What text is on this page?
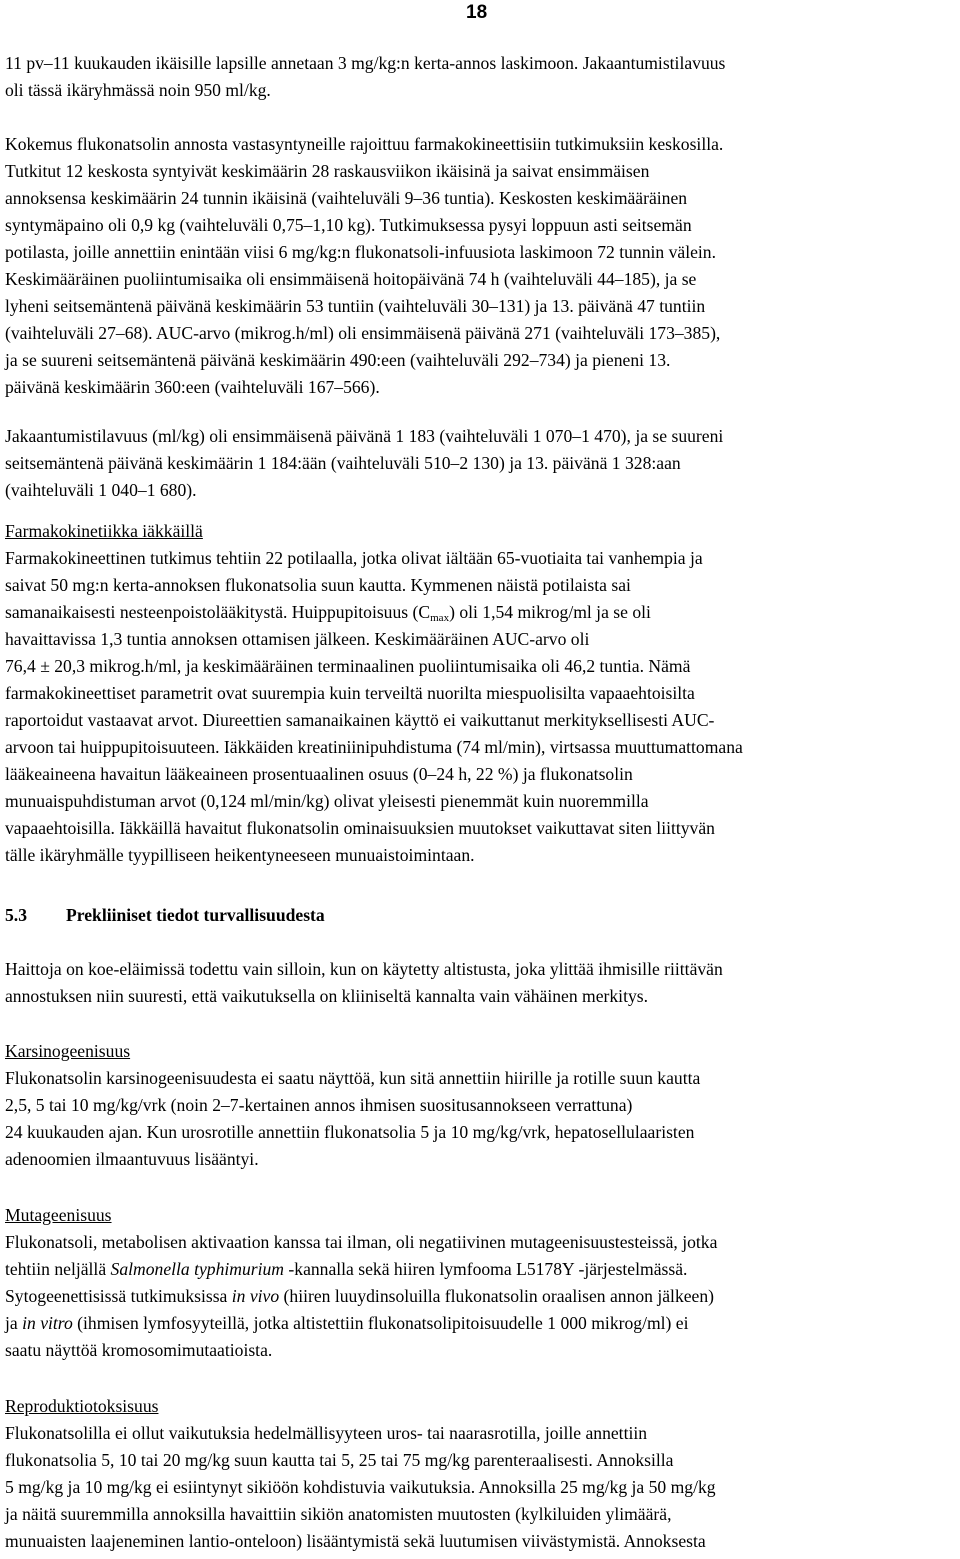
18
11 pv–11 kuukauden ikäisille lapsille annetaan 3 mg/kg:n kerta-annos laskimoon. Jakaantumistilavuus
oli tässä ikäryhmässä noin 950 ml/kg.
Kokemus flukonatsolin annosta vastasyntyneille rajoittuu farmakokineettisiin tutkimuksiin keskosilla.
Tutkitut 12 keskosta syntyivät keskimäärin 28 raskausviikon ikäisinä ja saivat ensimmäisen
annoksensa keskimäärin 24 tunnin ikäisinä (vaihteluväli 9–36 tuntia). Keskosten keskimääräinen
syntymäpaino oli 0,9 kg (vaihteluväli 0,75–1,10 kg). Tutkimuksessa pysyi loppuun asti seitsemän
potilasta, joille annettiin enintään viisi 6 mg/kg:n flukonatsoli-infuusiota laskimoon 72 tunnin välein.
Keskimääräinen puoliintumisaika oli ensimmäisenä hoitopäivänä 74 h (vaihteluväli 44–185), ja se
lyheni seitsemäntenä päivänä keskimäärin 53 tuntiin (vaihteluväli 30–131) ja 13. päivänä 47 tuntiin
(vaihteluväli 27–68). AUC-arvo (mikrog.h/ml) oli ensimmäisenä päivänä 271 (vaihteluväli 173–385),
ja se suureni seitsemäntenä päivänä keskimäärin 490:een (vaihteluväli 292–734) ja pieneni 13.
päivänä keskimäärin 360:een (vaihteluväli 167–566).
Jakaantumistilavuus (ml/kg) oli ensimmäisenä päivänä 1 183 (vaihteluväli 1 070–1 470), ja se suureni
seitsemäntenä päivänä keskimäärin 1 184:ään (vaihteluväli 510–2 130) ja 13. päivänä 1 328:aan
(vaihteluväli 1 040–1 680).
Farmakokinetiikka iäkkäillä
Farmakokineettinen tutkimus tehtiin 22 potilaalla, jotka olivat iältään 65-vuotiaita tai vanhempia ja
saivat 50 mg:n kerta-annoksen flukonatsolia suun kautta. Kymmenen näistä potilaista sai
samanaikaisesti nesteenpoistolääkitystä. Huippupitoisuus $(C_{max})$ oli 1,54 mikrog/ml ja se oli
havaittavissa 1,3 tuntia annoksen ottamisen jälkeen. Keskimääräinen AUC-arvo oli
76,4 ± 20,3 mikrog.h/ml, ja keskimääräinen terminaalinen puoliintumisaika oli 46,2 tuntia. Nämä
farmakokineettiset parametrit ovat suurempia kuin terveiltä nuorilta miespuolisilta vapaaehtoisilta
raportoidut vastaavat arvot. Diureettien samanaikainen käyttö ei vaikuttanut merkityksellisesti AUC-
arvoon tai huippupitoisuuteen. Iäkkäiden kreatiniinipuhdistuma (74 ml/min), virtsassa muuttumattomana
lääkeaineena havaitun lääkeaineen prosentuaalinen osuus (0–24 h, 22 %) ja flukonatsolin
munuaispuhdistuman arvot (0,124 ml/min/kg) olivat yleisesti pienemmät kuin nuoremmilla
vapaaehtoisilla. Iäkkäillä havaitut flukonatsolin ominaisuuksien muutokset vaikuttavat siten liittyvän
tälle ikäryhmälle tyypilliseen heikentyneeseen munuaistoimintaan.
5.3 Prekliiniset tiedot turvallisuudesta
Haittoja on koe-eläimissä todettu vain silloin, kun on käytetty altistusta, joka ylittää ihmisille riittävän
annostuksen niin suuresti, että vaikutuksella on kliiniseltä kannalta vain vähäinen merkitys.
Karsinogeenisuus
Flukonatsolin karsinogeenisuudesta ei saatu näyttöä, kun sitä annettiin hiirille ja rotille suun kautta
2,5, 5 tai 10 mg/kg/vrk (noin 2–7-kertainen annos ihmisen suositusannokseen verrattuna)
24 kuukauden ajan. Kun urosrotille annettiin flukonatsolia 5 ja 10 mg/kg/vrk, hepatosellulaaristen
adenoomien ilmaantuvuus lisääntyi.
Mutageenisuus
Flukonatsoli, metabolisen aktivaation kanssa tai ilman, oli negatiivinen mutageenisuustesteissä, jotka
tehtiin neljällä Salmonella typhimurium -kannalla sekä hiiren lymfooma L5178Y -järjestelmässä.
Sytogeenettisissä tutkimuksissa in vivo (hiiren luuydinsoluilla flukonatsolin oraalisen annon jälkeen)
ja in vitro (ihmisen lymfosyyteillä, jotka altistettiin flukonatsolipitoisuudelle 1 000 mikrog/ml) ei
saatu näyttöä kromosomimutaatioista.
Reproduktiotoksisuus
Flukonatsolilla ei ollut vaikutuksia hedelmällisyyteen uros- tai naarasrotilla, joille annettiin
flukonatsolia 5, 10 tai 20 mg/kg suun kautta tai 5, 25 tai 75 mg/kg parenteraalisesti. Annoksilla
5 mg/kg ja 10 mg/kg ei esiintynyt sikiöön kohdistuvia vaikutuksia. Annoksilla 25 mg/kg ja 50 mg/kg
ja näitä suuremmilla annoksilla havaittiin sikiön anatomisten muutosten (kylkiluiden ylimäärä,
munuaisten laajeneminen lantio-onteloon) lisääntymistä sekä luutumisen viivästymistä. Annoksesta
